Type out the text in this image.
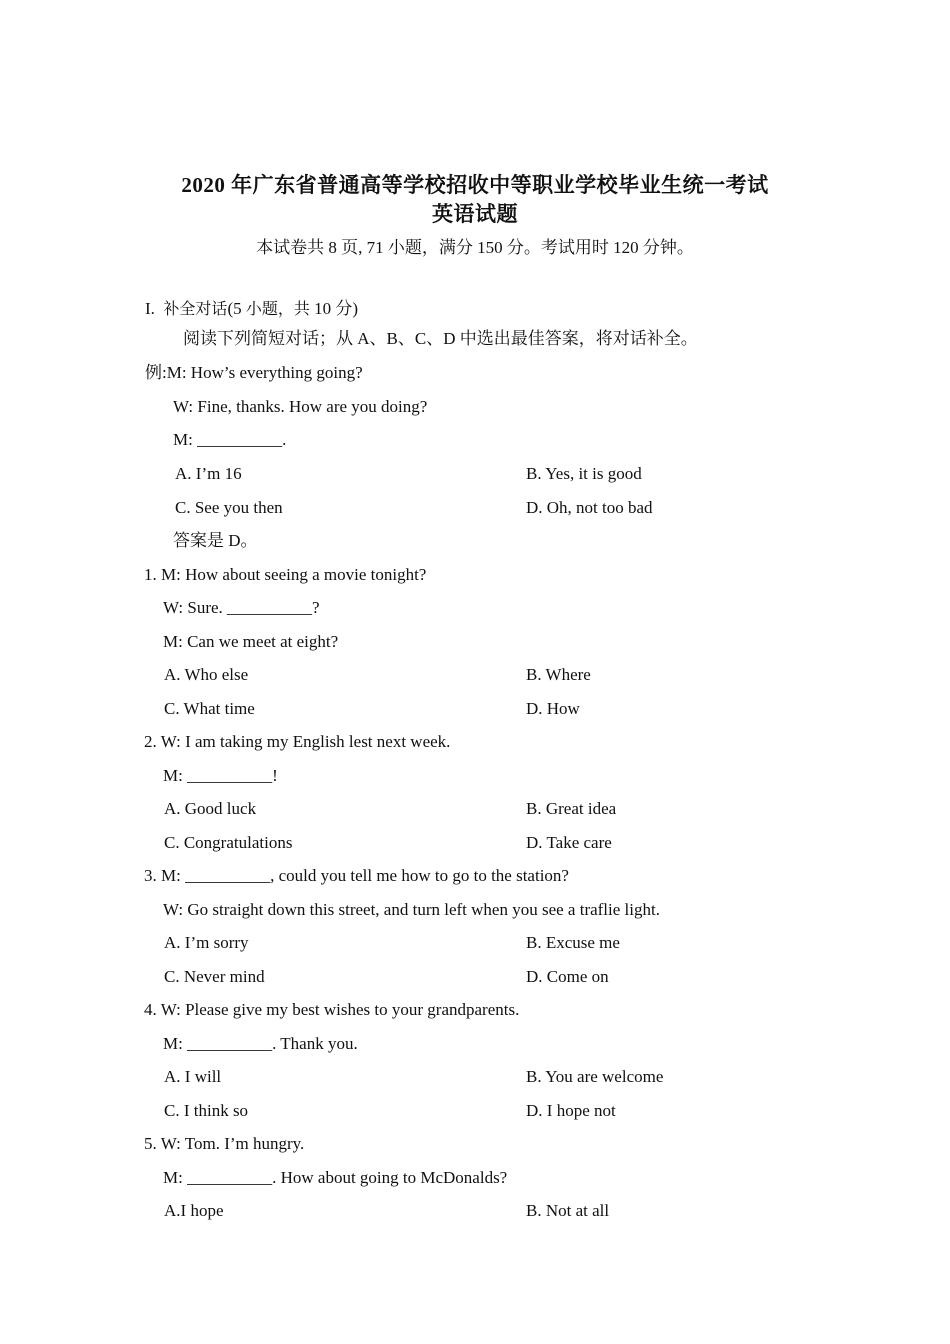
2020 年广东省普通高等学校招收中等职业学校毕业生统一考试
英语试题
本试卷共 8 页, 71 小题，满分 150 分。考试用时 120 分钟。
I. 补全对话(5 小题，共 10 分)
阅读下列简短对话；从 A、B、C、D 中选出最佳答案，将对话补全。
例:M: How’s everything going?
W: Fine, thanks. How are you doing?
M: __________.
A. I’m 16	B. Yes, it is good
C. See you then	D. Oh, not too bad
答案是 D。
1. M: How about seeing a movie tonight?
W: Sure. __________?
M: Can we meet at eight?
A. Who else	B. Where
C. What time	D. How
2. W: I am taking my English lest next week.
M: __________!
A. Good luck	B. Great idea
C. Congratulations	D. Take care
3. M: __________, could you tell me how to go to the station?
W: Go straight down this street, and turn left when you see a traflie light.
A. I’m sorry	B. Excuse me
C. Never mind	D. Come on
4. W: Please give my best wishes to your grandparents.
M: __________. Thank you.
A. I will	B. You are welcome
C. I think so	D. I hope not
5. W: Tom. I’m hungry.
M: __________. How about going to McDonalds?
A.I hope	B. Not at all
